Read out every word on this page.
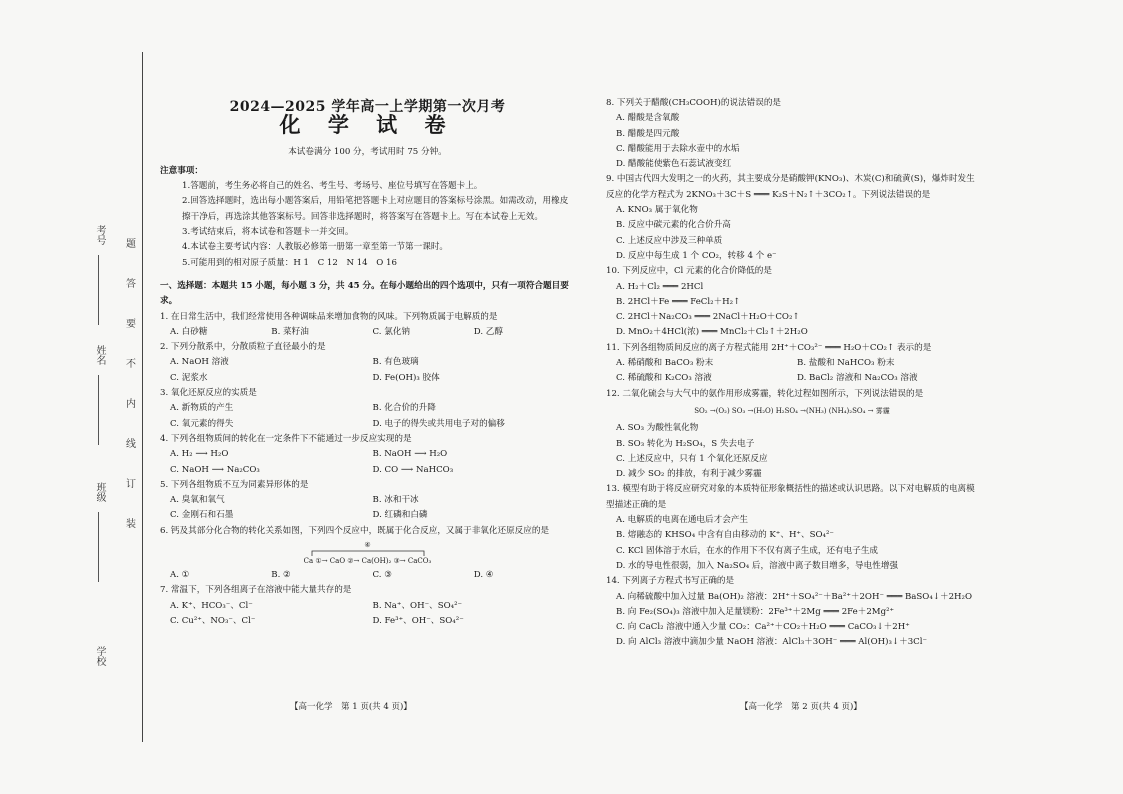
题
答
要
不
内
线
订
装
考号
姓名
班级
学校
2024—2025 学年高一上学期第一次月考
化 学 试 卷
本试卷满分 100 分，考试用时 75 分钟。
注意事项：
1.答题前，考生务必将自己的姓名、考生号、考场号、座位号填写在答题卡上。
2.回答选择题时，选出每小题答案后，用铅笔把答题卡上对应题目的答案标号涂黑。如需改动，用橡皮擦干净后，再选涂其他答案标号。回答非选择题时，将答案写在答题卡上。写在本试卷上无效。
3.考试结束后，将本试卷和答题卡一并交回。
4.本试卷主要考试内容：人教版必修第一册第一章至第一节第一课时。
5.可能用到的相对原子质量：H 1　C 12　N 14　O 16
一、选择题：本题共 15 小题，每小题 3 分，共 45 分。在每小题给出的四个选项中，只有一项符合题目要求。
1. 在日常生活中，我们经常使用各种调味品来增加食物的风味。下列物质属于电解质的是
A. 白砂糖	B. 菜籽油	C. 氯化钠	D. 乙醇
2. 下列分散系中，分散质粒子直径最小的是
A. NaOH 溶液	B. 有色玻璃
C. 泥浆水	D. Fe(OH)₃ 胶体
3. 氧化还原反应的实质是
A. 新物质的产生	B. 化合价的升降
C. 氧元素的得失	D. 电子的得失或共用电子对的偏移
4. 下列各组物质间的转化在一定条件下不能通过一步反应实现的是
A. H₂ ⟶ H₂O	B. NaOH ⟶ H₂O
C. NaOH ⟶ Na₂CO₃	D. CO ⟶ NaHCO₃
5. 下列各组物质不互为同素异形体的是
A. 臭氧和氧气	B. 冰和干冰
C. 金刚石和石墨	D. 红磷和白磷
6. 钙及其部分化合物的转化关系如图，下列四个反应中，既属于化合反应，又属于非氧化还原反应的是
④
Ca ①→ CaO ②→ Ca(OH)₂ ③→ CaCO₃
A. ①	B. ②	C. ③	D. ④
7. 常温下，下列各组离子在溶液中能大量共存的是
A. K⁺、HCO₃⁻、Cl⁻	B. Na⁺、OH⁻、SO₄²⁻
C. Cu²⁺、NO₃⁻、Cl⁻	D. Fe³⁺、OH⁻、SO₄²⁻
【高一化学　第 1 页(共 4 页)】
8. 下列关于醋酸(CH₃COOH)的说法错误的是
A. 醋酸是含氧酸
B. 醋酸是四元酸
C. 醋酸能用于去除水壶中的水垢
D. 醋酸能使紫色石蕊试液变红
9. 中国古代四大发明之一的火药，其主要成分是硝酸钾(KNO₃)、木炭(C)和硫黄(S)，爆炸时发生反应的化学方程式为 2KNO₃＋3C＋S ═══ K₂S＋N₂↑＋3CO₂↑。下列说法错误的是
A. KNO₃ 属于氧化物
B. 反应中碳元素的化合价升高
C. 上述反应中涉及三种单质
D. 反应中每生成 1 个 CO₂，转移 4 个 e⁻
10. 下列反应中，Cl 元素的化合价降低的是
A. H₂＋Cl₂ ═══ 2HCl
B. 2HCl＋Fe ═══ FeCl₂＋H₂↑
C. 2HCl＋Na₂CO₃ ═══ 2NaCl＋H₂O＋CO₂↑
D. MnO₂＋4HCl(浓) ═══ MnCl₂＋Cl₂↑＋2H₂O
11. 下列各组物质间反应的离子方程式能用 2H⁺＋CO₃²⁻ ═══ H₂O＋CO₂↑ 表示的是
A. 稀硝酸和 BaCO₃ 粉末	B. 盐酸和 NaHCO₃ 粉末
C. 稀硫酸和 K₂CO₃ 溶液	D. BaCl₂ 溶液和 Na₂CO₃ 溶液
12. 二氧化硫会与大气中的氨作用形成雾霾，转化过程如图所示，下列说法错误的是
SO₂ →(O₂) SO₃ →(H₂O) H₂SO₄ →(NH₃) (NH₄)₂SO₄ → 雾霾
A. SO₃ 为酸性氧化物
B. SO₃ 转化为 H₂SO₄，S 失去电子
C. 上述反应中，只有 1 个氧化还原反应
D. 减少 SO₂ 的排放，有利于减少雾霾
13. 模型有助于将反应研究对象的本质特征形象概括性的描述或认识思路。以下对电解质的电离模型描述正确的是
A. 电解质的电离在通电后才会产生
B. 熔融态的 KHSO₄ 中含有自由移动的 K⁺、H⁺、SO₄²⁻
C. KCl 固体溶于水后，在水的作用下不仅有离子生成，还有电子生成
D. 水的导电性很弱，加入 Na₂SO₄ 后，溶液中离子数目增多，导电性增强
14. 下列离子方程式书写正确的是
A. 向稀硫酸中加入过量 Ba(OH)₂ 溶液：2H⁺＋SO₄²⁻＋Ba²⁺＋2OH⁻ ═══ BaSO₄↓＋2H₂O
B. 向 Fe₂(SO₄)₃ 溶液中加入足量镁粉：2Fe³⁺＋2Mg ═══ 2Fe＋2Mg²⁺
C. 向 CaCl₂ 溶液中通入少量 CO₂：Ca²⁺＋CO₂＋H₂O ═══ CaCO₃↓＋2H⁺
D. 向 AlCl₃ 溶液中滴加少量 NaOH 溶液：AlCl₃＋3OH⁻ ═══ Al(OH)₃↓＋3Cl⁻
【高一化学　第 2 页(共 4 页)】
